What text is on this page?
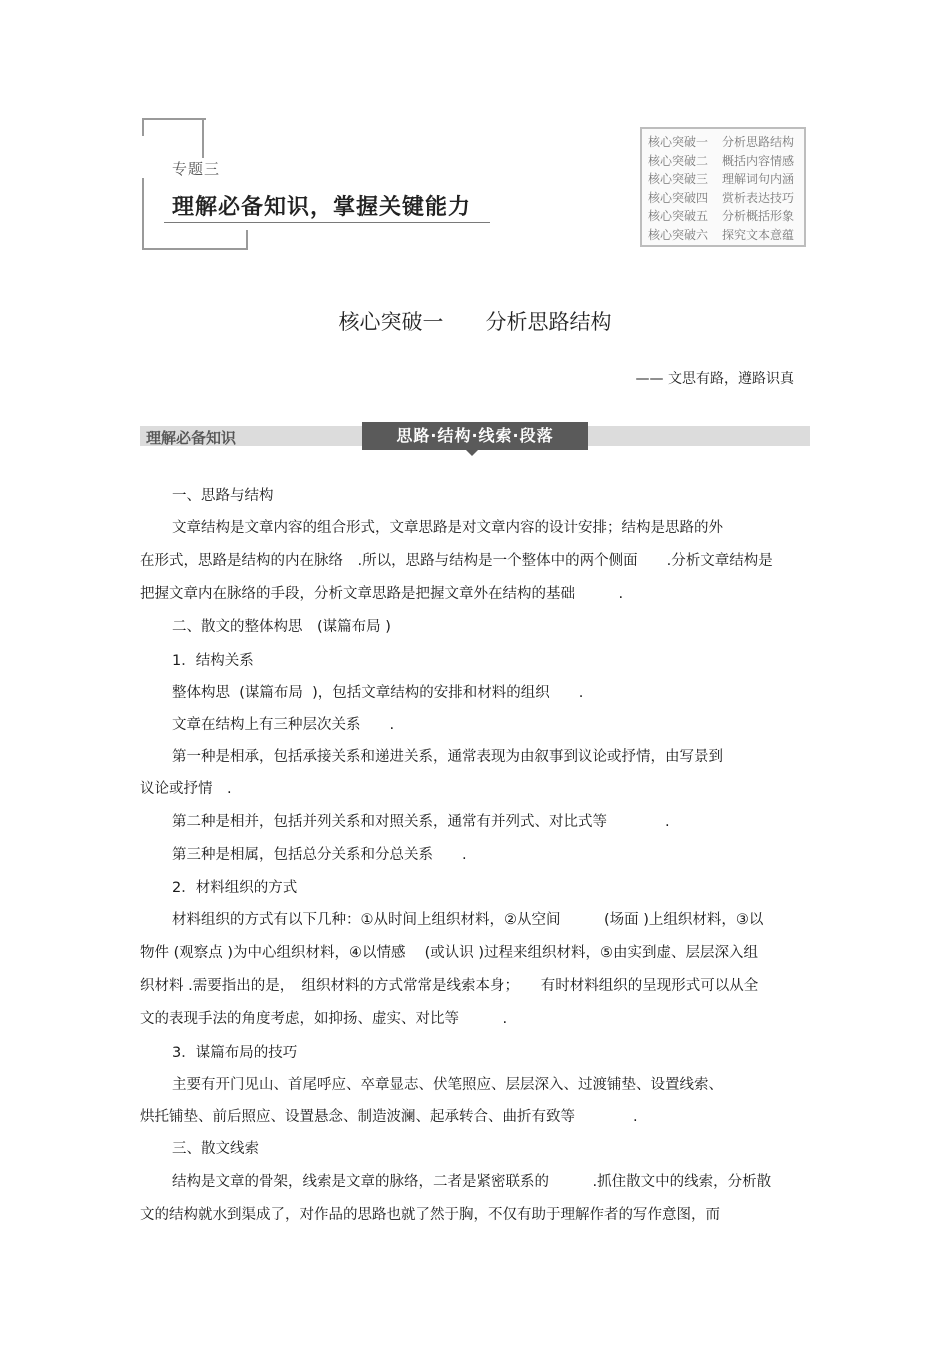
专题三
理解必备知识，掌握关键能力
核心突破一 分析思路结构
核心突破二 概括内容情感
核心突破三 理解词句内涵
核心突破四 赏析表达技巧
核心突破五 分析概括形象
核心突破六 探究文本意蕴
核心突破一　　分析思路结构
—— 文思有路，遵路识真
理解必备知识	思路·结构·线索·段落
一、思路与结构
文章结构是文章内容的组合形式，文章思路是对文章内容的设计安排；结构是思路的外
在形式，思路是结构的内在脉络　.所以，思路与结构是一个整体中的两个侧面　　.分析文章结构是
把握文章内在脉络的手段，分析文章思路是把握文章外在结构的基础　　　.
二、散文的整体构思　(谋篇布局 )
1．结构关系
整体构思  (谋篇布局  )，包括文章结构的安排和材料的组织　　.
文章在结构上有三种层次关系　　.
第一种是相承，包括承接关系和递进关系，通常表现为由叙事到议论或抒情，由写景到
议论或抒情　.
第二种是相并，包括并列关系和对照关系，通常有并列式、对比式等　　　　.
第三种是相属，包括总分关系和分总关系　　.
2．材料组织的方式
材料组织的方式有以下几种：①从时间上组织材料，②从空间　　　(场面 )上组织材料，③以
物件 (观察点 )为中心组织材料，④以情感　 (或认识 )过程来组织材料，⑤由实到虚、层层深入组
织材料 .需要指出的是，　组织材料的方式常常是线索本身；　　有时材料组织的呈现形式可以从全
文的表现手法的角度考虑，如抑扬、虚实、对比等　　　.
3．谋篇布局的技巧
主要有开门见山、首尾呼应、卒章显志、伏笔照应、层层深入、过渡铺垫、设置线索、
烘托铺垫、前后照应、设置悬念、制造波澜、起承转合、曲折有致等　　　　.
三、散文线索
结构是文章的骨架，线索是文章的脉络，二者是紧密联系的　　　.抓住散文中的线索，分析散
文的结构就水到渠成了，对作品的思路也就了然于胸，不仅有助于理解作者的写作意图，而
